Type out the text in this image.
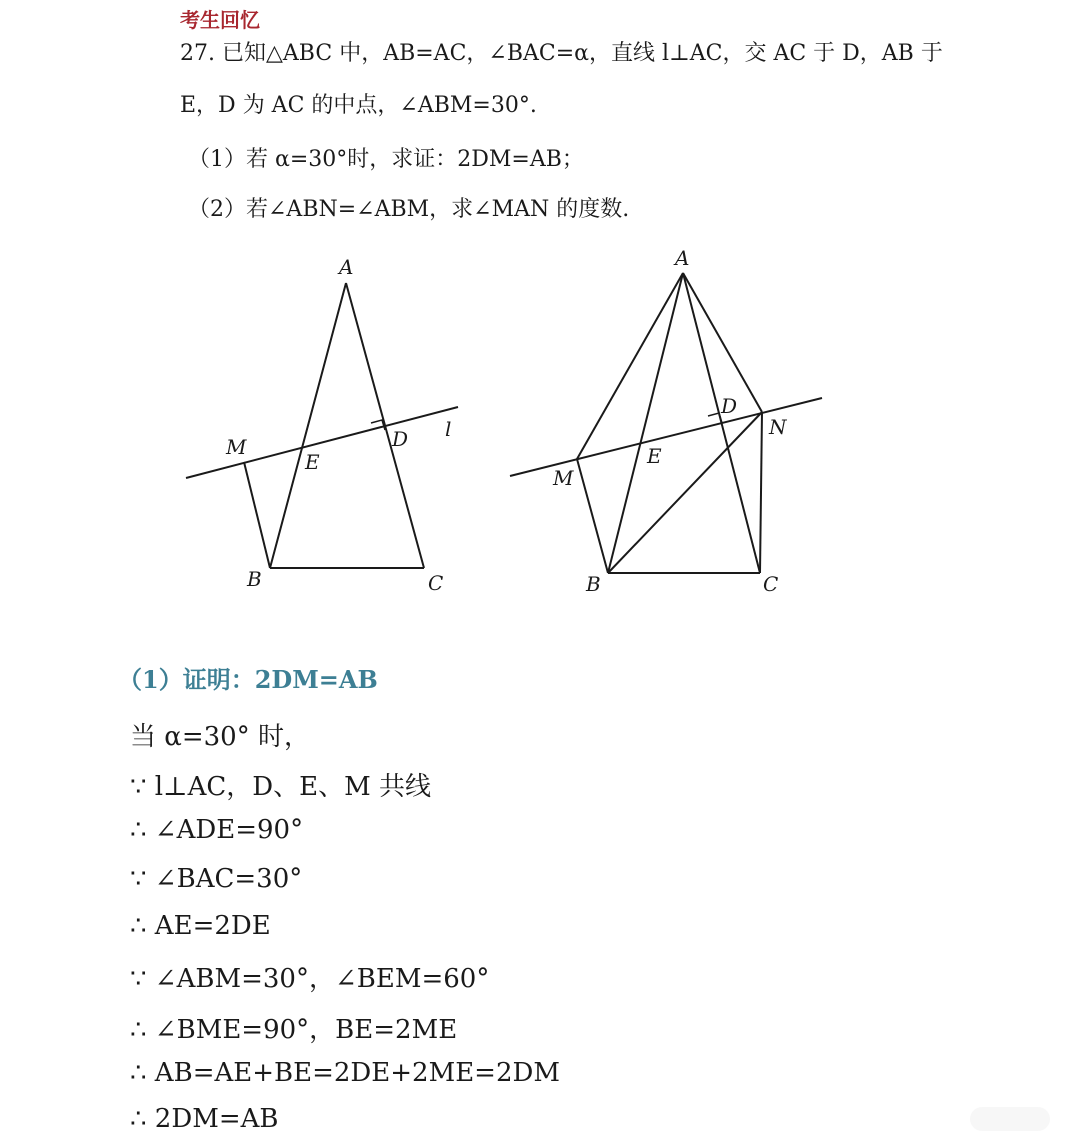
考生回忆
27. 已知△ABC 中，AB=AC，∠BAC=α，直线 l⊥AC，交 AC 于 D，AB 于
E，D 为 AC 的中点，∠ABM=30°.
（1）若 α=30°时，求证：2DM=AB；
（2）若∠ABN=∠ABM，求∠MAN 的度数.
A
B	C
D
E
M
l
A
B	C
D
E
M
N
（1）证明：2DM=AB
当 α=30° 时，
∵ l⊥AC，D、E、M 共线
∴ ∠ADE=90°
∵ ∠BAC=30°
∴ AE=2DE
∵ ∠ABM=30°，∠BEM=60°
∴ ∠BME=90°，BE=2ME
∴ AB=AE+BE=2DE+2ME=2DM
∴ 2DM=AB
